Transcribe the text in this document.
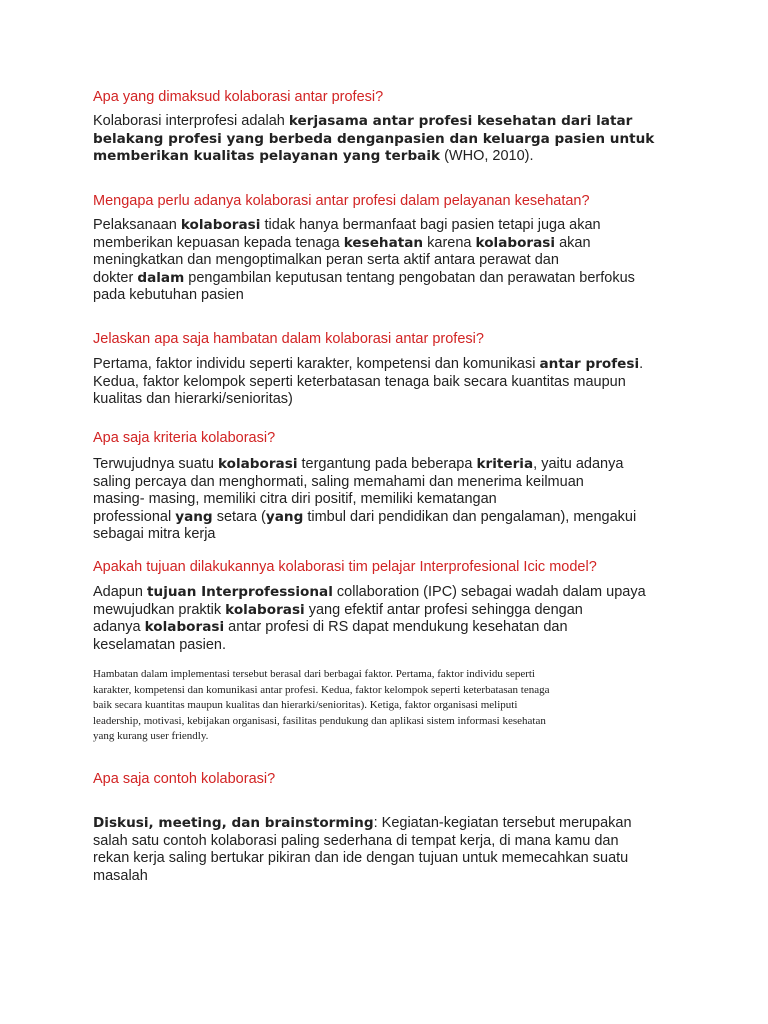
Apa yang dimaksud kolaborasi antar profesi?

Kolaborasi interprofesi adalah kerjasama antar profesi kesehatan dari latar
belakang profesi yang berbeda denganpasien dan keluarga pasien untuk
memberikan kualitas pelayanan yang terbaik (WHO, 2010).

Mengapa perlu adanya kolaborasi antar profesi dalam pelayanan kesehatan?

Pelaksanaan kolaborasi tidak hanya bermanfaat bagi pasien tetapi juga akan
memberikan kepuasan kepada tenaga kesehatan karena kolaborasi akan
meningkatkan dan mengoptimalkan peran serta aktif antara perawat dan
dokter dalam pengambilan keputusan tentang pengobatan dan perawatan berfokus
pada kebutuhan pasien

Jelaskan apa saja hambatan dalam kolaborasi antar profesi?

Pertama, faktor individu seperti karakter, kompetensi dan komunikasi antar profesi.
Kedua, faktor kelompok seperti keterbatasan tenaga baik secara kuantitas maupun
kualitas dan hierarki/senioritas)

Apa saja kriteria kolaborasi?

Terwujudnya suatu kolaborasi tergantung pada beberapa kriteria, yaitu adanya
saling percaya dan menghormati, saling memahami dan menerima keilmuan
masing- masing, memiliki citra diri positif, memiliki kematangan
professional yang setara (yang timbul dari pendidikan dan pengalaman), mengakui
sebagai mitra kerja

Apakah tujuan dilakukannya kolaborasi tim pelajar Interprofesional Icic model?

Adapun tujuan Interprofessional collaboration (IPC) sebagai wadah dalam upaya
mewujudkan praktik kolaborasi yang efektif antar profesi sehingga dengan
adanya kolaborasi antar profesi di RS dapat mendukung kesehatan dan
keselamatan pasien.
Hambatan dalam implementasi tersebut berasal dari berbagai faktor. Pertama, faktor individu seperti
karakter, kompetensi dan komunikasi antar profesi. Kedua, faktor kelompok seperti keterbatasan tenaga
baik secara kuantitas maupun kualitas dan hierarki/senioritas). Ketiga, faktor organisasi meliputi
leadership, motivasi, kebijakan organisasi, fasilitas pendukung dan aplikasi sistem informasi kesehatan
yang kurang user friendly.

Apa saja contoh kolaborasi?

Diskusi, meeting, dan brainstorming: Kegiatan-kegiatan tersebut merupakan
salah satu contoh kolaborasi paling sederhana di tempat kerja, di mana kamu dan
rekan kerja saling bertukar pikiran dan ide dengan tujuan untuk memecahkan suatu
masalah
